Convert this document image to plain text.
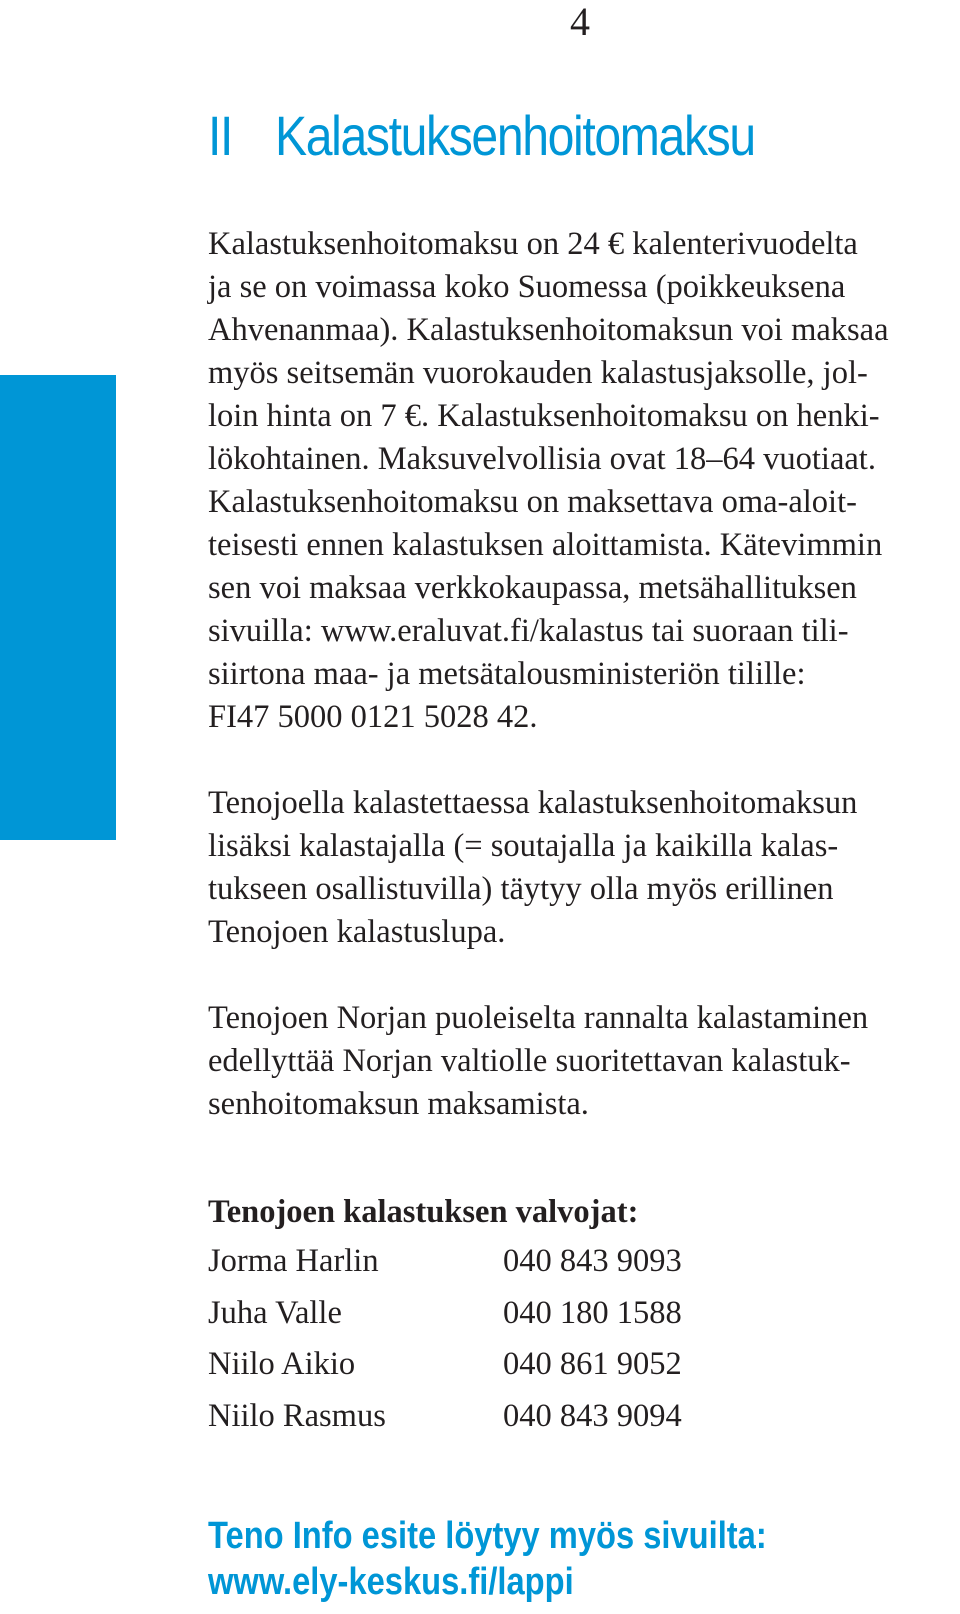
4
II Kalastuksenhoitomaksu

Kalastuksenhoitomaksu on 24 € kalenterivuodelta
ja se on voimassa koko Suomessa (poikkeuksena
Ahvenanmaa). Kalastuksenhoitomaksun voi maksaa
myös seitsemän vuorokauden kalastusjaksolle, jol-
loin hinta on 7 €. Kalastuksenhoitomaksu on henki-
lökohtainen. Maksuvelvollisia ovat 18–64 vuotiaat.
Kalastuksenhoitomaksu on maksettava oma-aloit-
teisesti ennen kalastuksen aloittamista. Kätevimmin
sen voi maksaa verkkokaupassa, metsähallituksen
sivuilla: www.eraluvat.fi/kalastus tai suoraan tili-
siirtona maa- ja metsätalousministeriön tilille:
FI47 5000 0121 5028 42.

Tenojoella kalastettaessa kalastuksenhoitomaksun
lisäksi kalastajalla (= soutajalla ja kaikilla kalas-
tukseen osallistuvilla) täytyy olla myös erillinen
Tenojoen kalastuslupa.

Tenojoen Norjan puoleiselta rannalta kalastaminen
edellyttää Norjan valtiolle suoritettavan kalastuk-
senhoitomaksun maksamista.

Tenojoen kalastuksen valvojat:
Jorma Harlin	040 843 9093
Juha Valle	040 180 1588
Niilo Aikio	040 861 9052
Niilo Rasmus	040 843 9094
Teno Info esite löytyy myös sivuilta:
www.ely-keskus.fi/lappi
